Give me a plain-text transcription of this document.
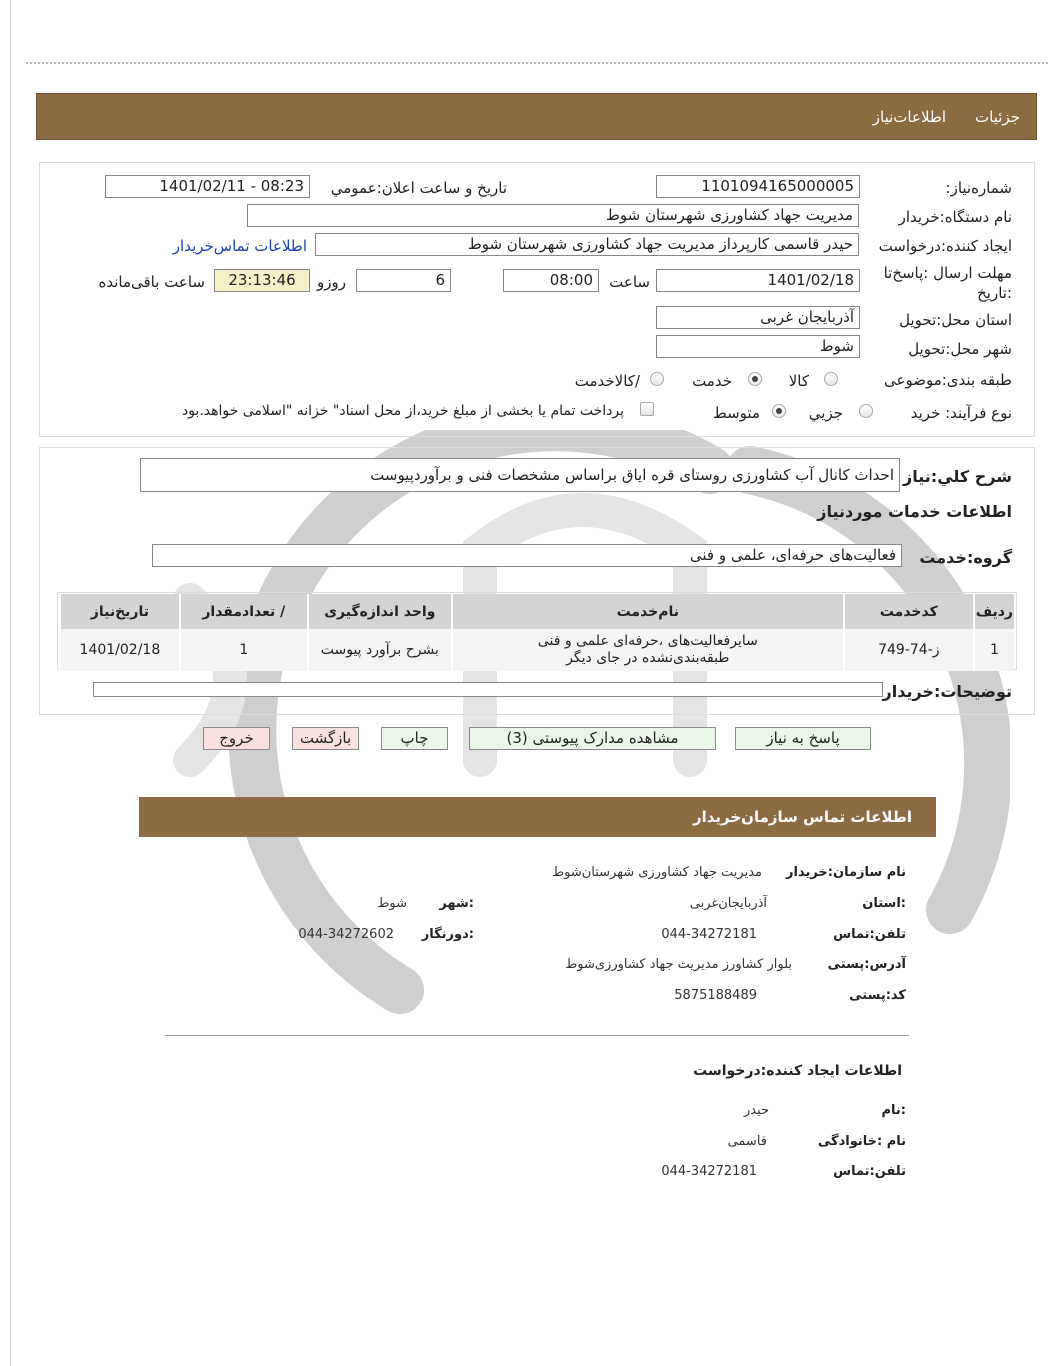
جزئیات
اطلاعات‌نیاز
شماره‌نیاز:
1101094165000005
تاریخ و ساعت اعلان:عمومي
1401/02/11 - 08:23
نام دستگاه:خریدار
مدیریت جهاد کشاورزی شهرستان شوط
ایجاد کننده:درخواست
حیدر قاسمی کارپرداز مدیریت جهاد کشاورزی شهرستان شوط
اطلاعات تماس‌خریدار
مهلت ارسال :پاسخ‌تا
:تاریخ
1401/02/18
ساعت
08:00
6
روزو
23:13:46
ساعت باقی‌مانده
استان محل:تحویل
آذربایجان غربی
شهر محل:تحویل
شوط
طبقه بندی:موضوعی
کالا
خدمت
/کالاخدمت
نوع فرآیند: خرید
جزیي
متوسط
پرداخت تمام یا بخشی از مبلغ خرید،از محل اسناد" خزانه "اسلامی خواهد.بود
شرح کلي:نیاز
احداث کانال آب کشاورزی روستای قره اياق براساس مشخصات فنی و برآوردپیوست
اطلاعات خدمات موردنیاز
گروه:خدمت
فعالیت‌های حرفه‌ای، علمی و فنی
ردیف	کدخدمت	نام‌خدمت	واحد اندازه‌گیری	/ تعدادمقدار	تاریخ‌نیاز
1	ز-74-749	سایرفعالیت‌های ،حرفه‌ای علمی و فنی
طبقه‌بندی‌نشده در جای دیگر	بشرح برآورد پیوست	1	1401/02/18
توضیحات:خریدار
پاسخ به نیاز
مشاهده مدارک پیوستی (3)
چاپ
بازگشت
خروج
اطلاعات تماس سازمان‌خریدار
نام سازمان:خریدار
مدیریت جهاد کشاورزی شهرستان‌شوط
:استان
آذربایجان‌غربی
:شهر
شوط
تلفن:تماس
044-34272181
:دورنگار
044-34272602
آدرس:پستی
بلوار کشاورز مدیریت جهاد کشاورزی‌شوط
کد:پستی
5875188489
اطلاعات ایجاد کننده:درخواست
:نام
حیدر
نام :خانوادگی
قاسمی
تلفن:تماس
044-34272181
